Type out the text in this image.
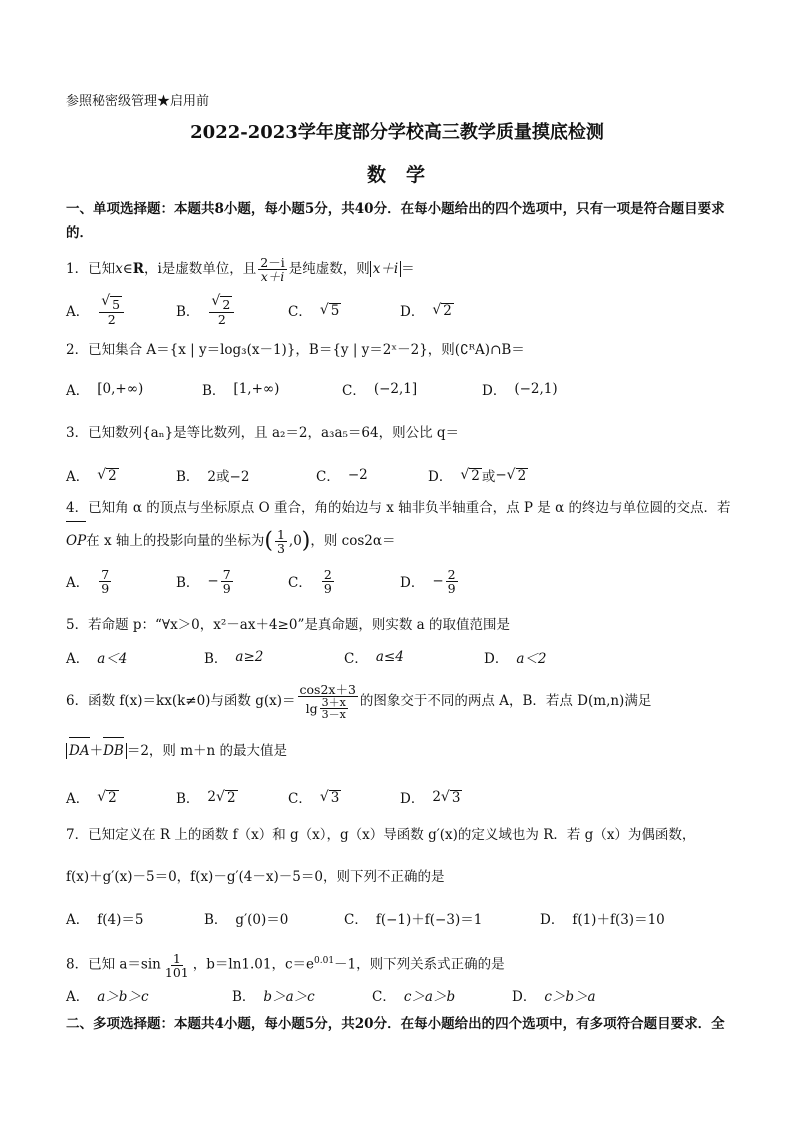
参照秘密级管理★启用前
2022-2023学年度部分学校高三教学质量摸底检测
数学
一、单项选择题：本题共8小题，每小题5分，共40分．在每小题给出的四个选项中，只有一项是符合题目要求的．
1．已知x∈R，i是虚数单位，且 $\frac{2-i}{x+i}$ 是纯虚数，则 x＋i ＝
A． $\frac{√ 5}{2}$	B． $\frac{√ 2}{2}$	C． √ 5	D． √ 2
2．已知集合 A＝{x | y＝log₃(x－1)}，B＝{y | y＝2ˣ－2}，则(∁ᴿA)∩B＝
A． [0,+∞)	B． [1,+∞)	C． (−2,1]	D． (−2,1)
3．已知数列{aₙ}是等比数列，且 a₂＝2，a₃a₅＝64，则公比 q＝
A． √ 2	B． 2或−2	C． −2	D． √ 2 或 − √ 2
4．已知角 α 的顶点与坐标原点 O 重合，角的始边与 x 轴非负半轴重合，点 P 是 α 的终边与单位圆的交点．若
OP在 x 轴上的投影向量的坐标为( $\frac{1}{3} ,0$)，则 cos2α＝
A． $\frac{7}{9}$	B． − $\frac{7}{9}$	C． $\frac{2}{9}$	D． − $\frac{2}{9}$
5．若命题 p：“∀x＞0，x²－ax＋4≥0”是真命题，则实数 a 的取值范围是
A． a＜4	B． a≥2	C． a≤4	D． a＜2
6．函数 f(x)＝kx(k≠0)与函数 $g(x)= \frac{\cos 2x+3}{\lg \frac{3+x}{3-x}}$ 的图象交于不同的两点 A，B．若点 D(m,n)满足
DA＋DB ＝2，则 m＋n 的最大值是
A． √ 2	B． 2 √ 2	C． √ 3	D． 2 √ 3
7．已知定义在 R 上的函数 f（x）和 g（x），g（x）导函数 g′(x)的定义域也为 R．若 g（x）为偶函数，
f(x)＋g′(x)－5＝0，f(x)－g′(4－x)－5＝0，则下列不正确的是
A． f(4)＝5	B． g′(0)＝0	C． f(−1)＋f(−3)＝1	D． f(1)＋f(3)＝10
8．已知 $a=\sin \frac{1}{101}$ ，b＝ln1.01，$c=e^{0.01}-1$，则下列关系式正确的是
A． a＞b＞c	B． b＞a＞c	C． c＞a＞b	D． c＞b＞a
二、多项选择题：本题共4小题，每小题5分，共20分．在每小题给出的四个选项中，有多项符合题目要求．全
